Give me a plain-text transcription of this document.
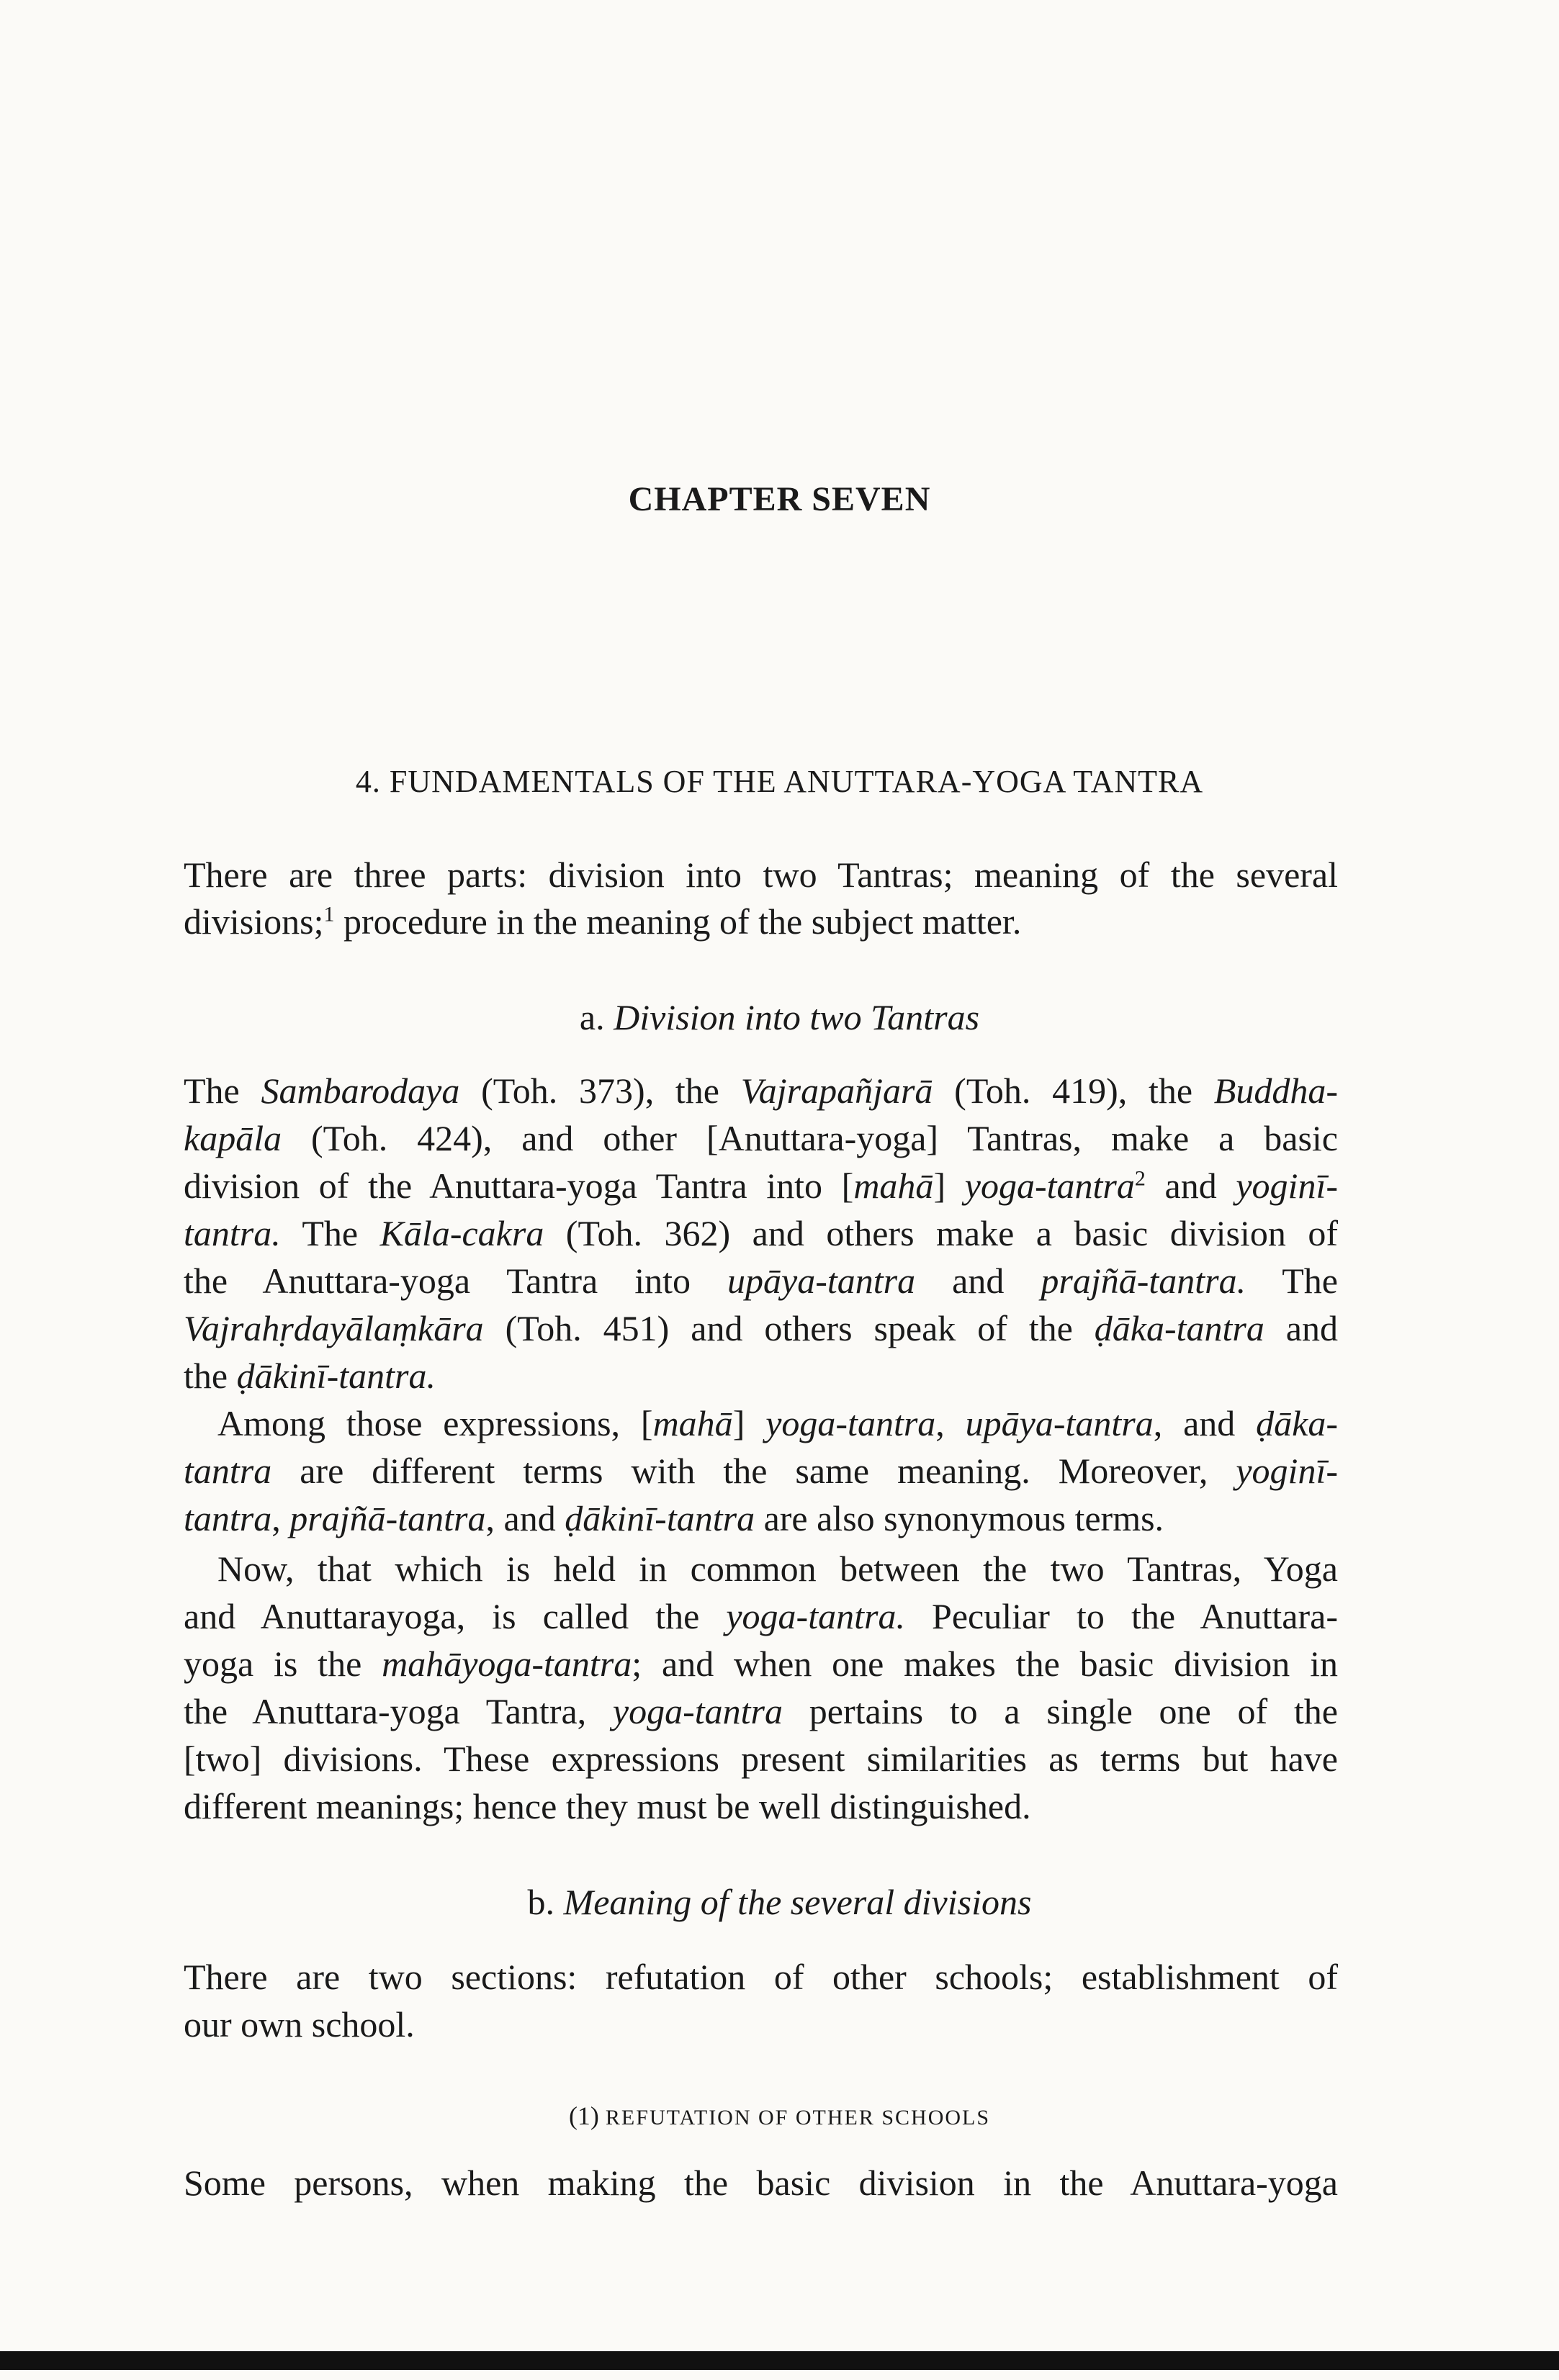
CHAPTER SEVEN
4. FUNDAMENTALS OF THE ANUTTARA-YOGA TANTRA
There are three parts: division into two Tantras; meaning of the several
divisions;$^1$ procedure in the meaning of the subject matter.
a. Division into two Tantras
The Sambarodaya (Toh. 373), the Vajrapañjarā (Toh. 419), the Buddha-
kapāla (Toh. 424), and other [Anuttara-yoga] Tantras, make a basic
division of the Anuttara-yoga Tantra into [mahā] yoga-tantra$^2$ and yoginī-
tantra. The Kāla-cakra (Toh. 362) and others make a basic division of
the Anuttara-yoga Tantra into upāya-tantra and prajñā-tantra. The
Vajrahṛdayālaṃkāra (Toh. 451) and others speak of the ḍāka-tantra and
the ḍākinī-tantra.
Among those expressions, [mahā] yoga-tantra, upāya-tantra, and ḍāka-
tantra are different terms with the same meaning. Moreover, yoginī-
tantra, prajñā-tantra, and ḍākinī-tantra are also synonymous terms.
Now, that which is held in common between the two Tantras, Yoga
and Anuttarayoga, is called the yoga-tantra. Peculiar to the Anuttara-
yoga is the mahāyoga-tantra; and when one makes the basic division in
the Anuttara-yoga Tantra, yoga-tantra pertains to a single one of the
[two] divisions. These expressions present similarities as terms but have
different meanings; hence they must be well distinguished.
b. Meaning of the several divisions
There are two sections: refutation of other schools; establishment of
our own school.
(1) REFUTATION OF OTHER SCHOOLS
Some persons, when making the basic division in the Anuttara-yoga
